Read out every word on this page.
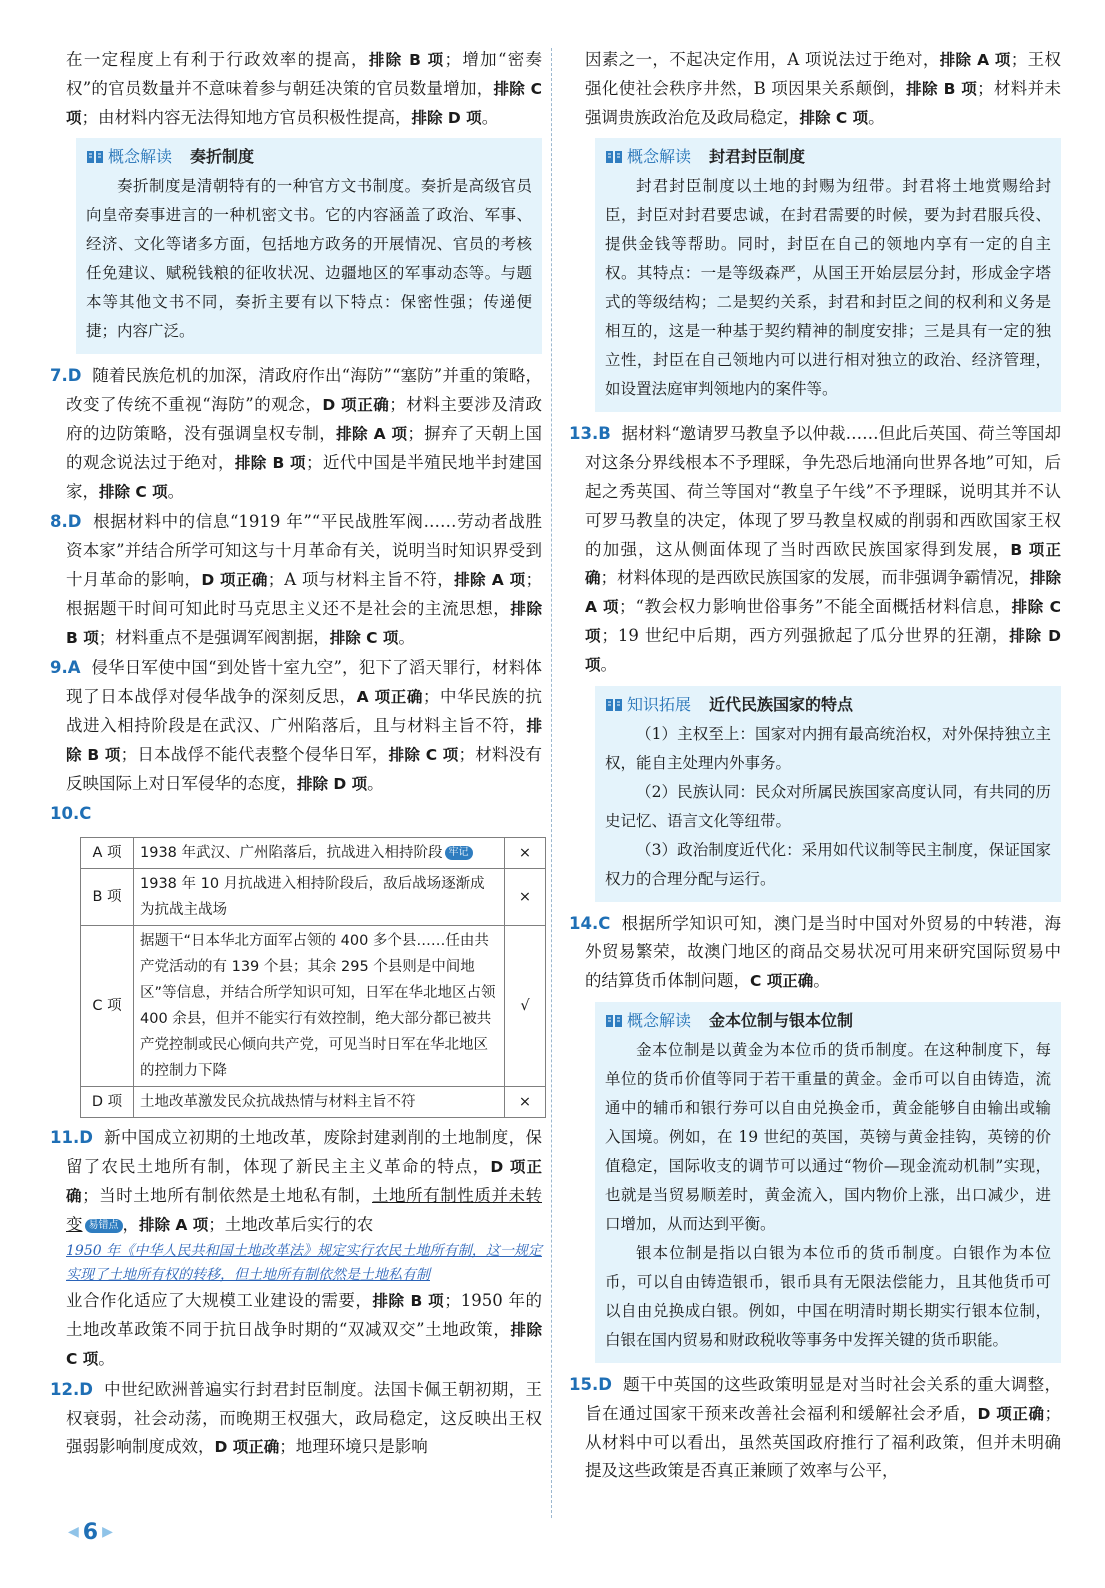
在一定程度上有利于行政效率的提高，排除 B 项；增加“密奏权”的官员数量并不意味着参与朝廷决策的官员数量增加，排除 C 项；由材料内容无法得知地方官员积极性提高，排除 D 项。

概念解读 奏折制度

奏折制度是清朝特有的一种官方文书制度。奏折是高级官员向皇帝奏事进言的一种机密文书。它的内容涵盖了政治、军事、经济、文化等诸多方面，包括地方政务的开展情况、官员的考核任免建议、赋税钱粮的征收状况、边疆地区的军事动态等。与题本等其他文书不同，奏折主要有以下特点：保密性强；传递便捷；内容广泛。

7.D 随着民族危机的加深，清政府作出“海防”“塞防”并重的策略，改变了传统不重视“海防”的观念，D 项正确；材料主要涉及清政府的边防策略，没有强调皇权专制，排除 A 项；摒弃了天朝上国的观念说法过于绝对，排除 B 项；近代中国是半殖民地半封建国家，排除 C 项。

8.D 根据材料中的信息“1919 年”“平民战胜军阀……劳动者战胜资本家”并结合所学可知这与十月革命有关，说明当时知识界受到十月革命的影响，D 项正确；A 项与材料主旨不符，排除 A 项；根据题干时间可知此时马克思主义还不是社会的主流思想，排除 B 项；材料重点不是强调军阀割据，排除 C 项。

9.A 侵华日军使中国“到处皆十室九空”，犯下了滔天罪行，材料体现了日本战俘对侵华战争的深刻反思，A 项正确；中华民族的抗战进入相持阶段是在武汉、广州陷落后，且与材料主旨不符，排除 B 项；日本战俘不能代表整个侵华日军，排除 C 项；材料没有反映国际上对日军侵华的态度，排除 D 项。

10.C

A 项	1938 年武汉、广州陷落后，抗战进入相持阶段 牢记	×
B 项	1938 年 10 月抗战进入相持阶段后，敌后战场逐渐成为抗战主战场	×
C 项	据题干“日本华北方面军占领的 400 多个县……任由共产党活动的有 139 个县；其余 295 个县则是中间地区”等信息，并结合所学知识可知，日军在华北地区占领 400 余县，但并不能实行有效控制，绝大部分都已被共产党控制或民心倾向共产党，可见当时日军在华北地区的控制力下降	√
D 项	土地改革激发民众抗战热情与材料主旨不符	×

11.D 新中国成立初期的土地改革，废除封建剥削的土地制度，保留了农民土地所有制，体现了新民主主义革命的特点，D 项正确；当时土地所有制依然是土地私有制，土地所有制性质并未转变 易错点 ，排除 A 项；土地改革后实行的农

1950 年《中华人民共和国土地改革法》规定实行农民土地所有制，这一规定实现了土地所有权的转移，但土地所有制依然是土地私有制

业合作化适应了大规模工业建设的需要，排除 B 项；1950 年的土地改革政策不同于抗日战争时期的“双减双交”土地政策，排除 C 项。

12.D 中世纪欧洲普遍实行封君封臣制度。法国卡佩王朝初期，王权衰弱，社会动荡，而晚期王权强大，政局稳定，这反映出王权强弱影响制度成效，D 项正确；地理环境只是影响

因素之一，不起决定作用，A 项说法过于绝对，排除 A 项；王权强化使社会秩序井然，B 项因果关系颠倒，排除 B 项；材料并未强调贵族政治危及政局稳定，排除 C 项。

概念解读 封君封臣制度

封君封臣制度以土地的封赐为纽带。封君将土地赏赐给封臣，封臣对封君要忠诚，在封君需要的时候，要为封君服兵役、提供金钱等帮助。同时，封臣在自己的领地内享有一定的自主权。其特点：一是等级森严，从国王开始层层分封，形成金字塔式的等级结构；二是契约关系，封君和封臣之间的权利和义务是相互的，这是一种基于契约精神的制度安排；三是具有一定的独立性，封臣在自己领地内可以进行相对独立的政治、经济管理，如设置法庭审判领地内的案件等。

13.B 据材料“邀请罗马教皇予以仲裁……但此后英国、荷兰等国却对这条分界线根本不予理睬，争先恐后地涌向世界各地”可知，后起之秀英国、荷兰等国对“教皇子午线”不予理睬，说明其并不认可罗马教皇的决定，体现了罗马教皇权威的削弱和西欧国家王权的加强，这从侧面体现了当时西欧民族国家得到发展，B 项正确；材料体现的是西欧民族国家的发展，而非强调争霸情况，排除 A 项；“教会权力影响世俗事务”不能全面概括材料信息，排除 C 项；19 世纪中后期，西方列强掀起了瓜分世界的狂潮，排除 D 项。

知识拓展 近代民族国家的特点

（1）主权至上：国家对内拥有最高统治权，对外保持独立主权，能自主处理内外事务。

（2）民族认同：民众对所属民族国家高度认同，有共同的历史记忆、语言文化等纽带。

（3）政治制度近代化：采用如代议制等民主制度，保证国家权力的合理分配与运行。

14.C 根据所学知识可知，澳门是当时中国对外贸易的中转港，海外贸易繁荣，故澳门地区的商品交易状况可用来研究国际贸易中的结算货币体制问题，C 项正确。

概念解读 金本位制与银本位制

金本位制是以黄金为本位币的货币制度。在这种制度下，每单位的货币价值等同于若干重量的黄金。金币可以自由铸造，流通中的辅币和银行券可以自由兑换金币，黄金能够自由输出或输入国境。例如，在 19 世纪的英国，英镑与黄金挂钩，英镑的价值稳定，国际收支的调节可以通过“物价—现金流动机制”实现，也就是当贸易顺差时，黄金流入，国内物价上涨，出口减少，进口增加，从而达到平衡。

银本位制是指以白银为本位币的货币制度。白银作为本位币，可以自由铸造银币，银币具有无限法偿能力，且其他货币可以自由兑换成白银。例如，中国在明清时期长期实行银本位制，白银在国内贸易和财政税收等事务中发挥关键的货币职能。

15.D 题干中英国的这些政策明显是对当时社会关系的重大调整，旨在通过国家干预来改善社会福利和缓解社会矛盾，D 项正确；从材料中可以看出，虽然英国政府推行了福利政策，但并未明确提及这些政策是否真正兼顾了效率与公平，

◀ 6 ▶
